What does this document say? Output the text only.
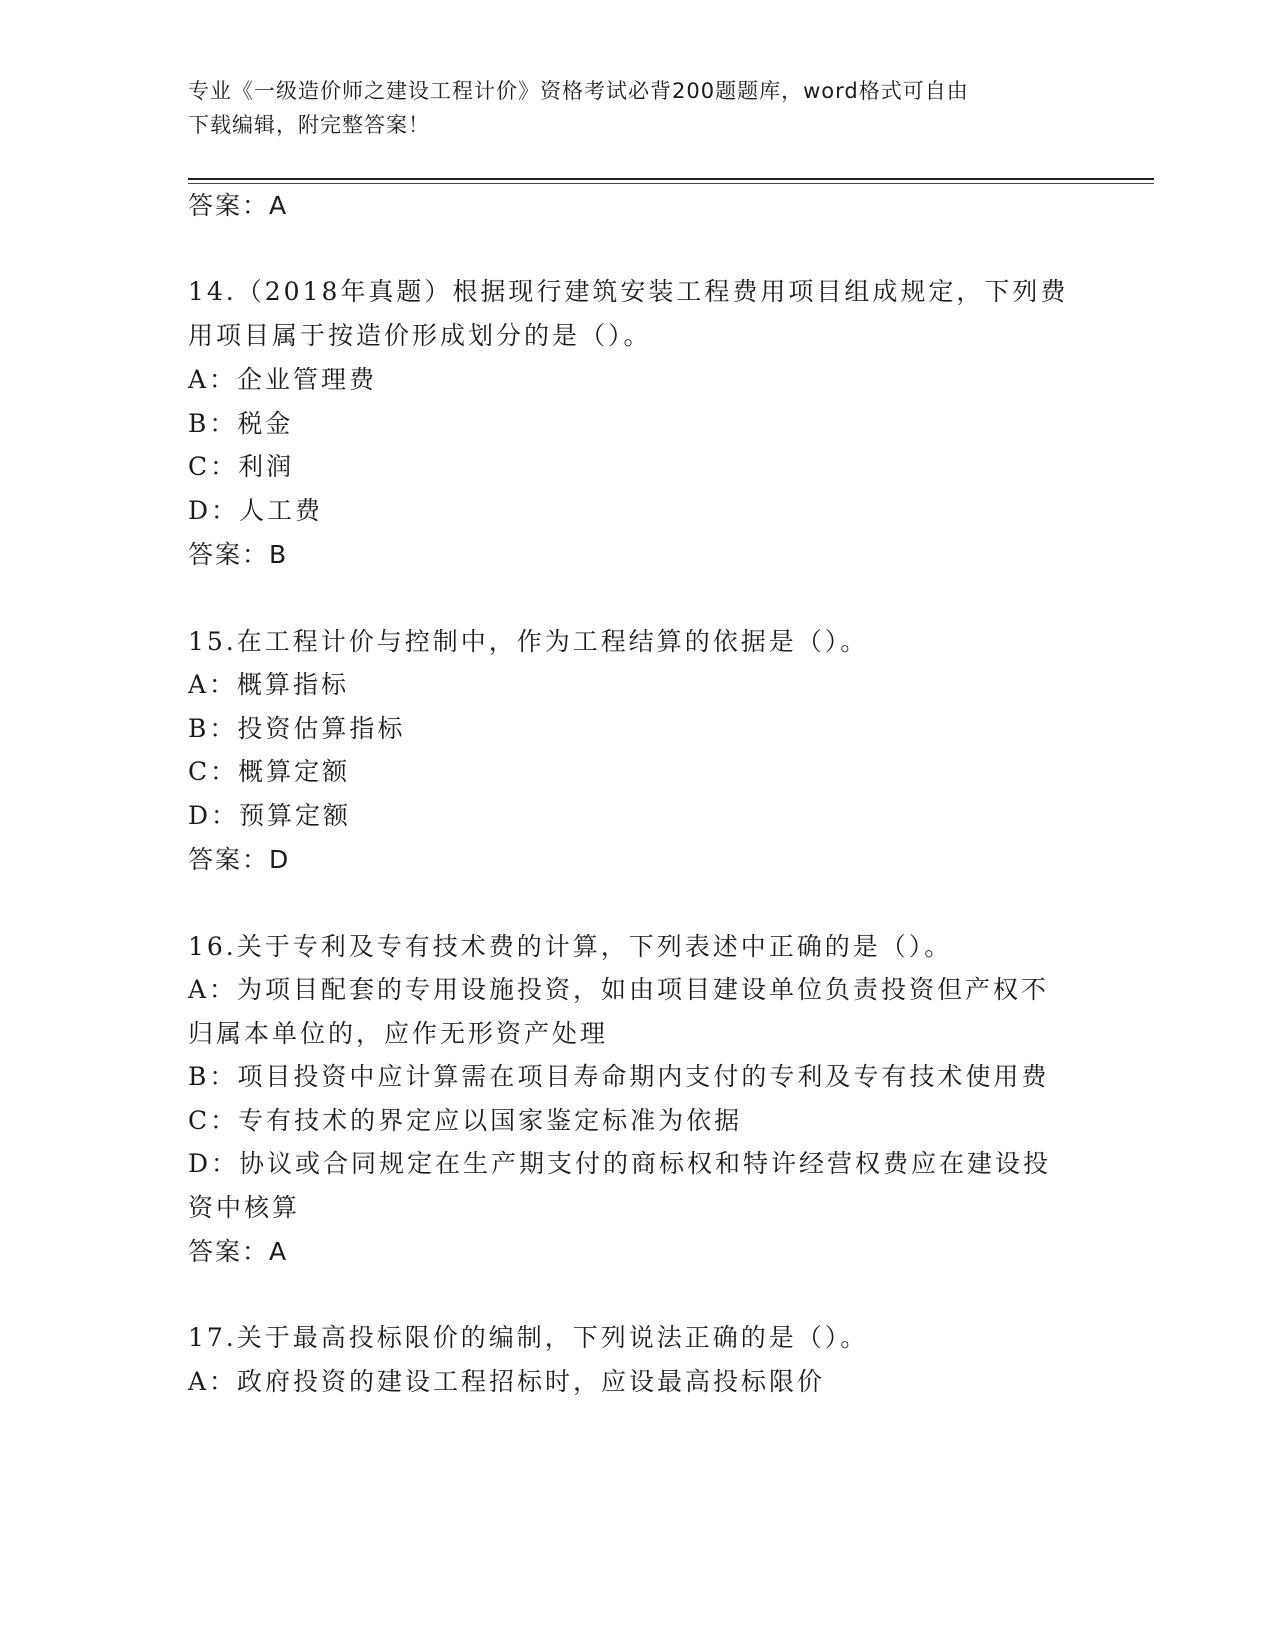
专业《一级造价师之建设工程计价》资格考试必背200题题库，word格式可自由
下载编辑，附完整答案！
答案：A
14.（2018年真题）根据现行建筑安装工程费用项目组成规定，下列费
用项目属于按造价形成划分的是（）。
A：企业管理费
B：税金
C：利润
D：人工费
答案：B
15.在工程计价与控制中，作为工程结算的依据是（）。
A：概算指标
B：投资估算指标
C：概算定额
D：预算定额
答案：D
16.关于专利及专有技术费的计算，下列表述中正确的是（）。
A：为项目配套的专用设施投资，如由项目建设单位负责投资但产权不
归属本单位的，应作无形资产处理
B：项目投资中应计算需在项目寿命期内支付的专利及专有技术使用费
C：专有技术的界定应以国家鉴定标准为依据
D：协议或合同规定在生产期支付的商标权和特许经营权费应在建设投
资中核算
答案：A
17.关于最高投标限价的编制，下列说法正确的是（）。
A：政府投资的建设工程招标时，应设最高投标限价
